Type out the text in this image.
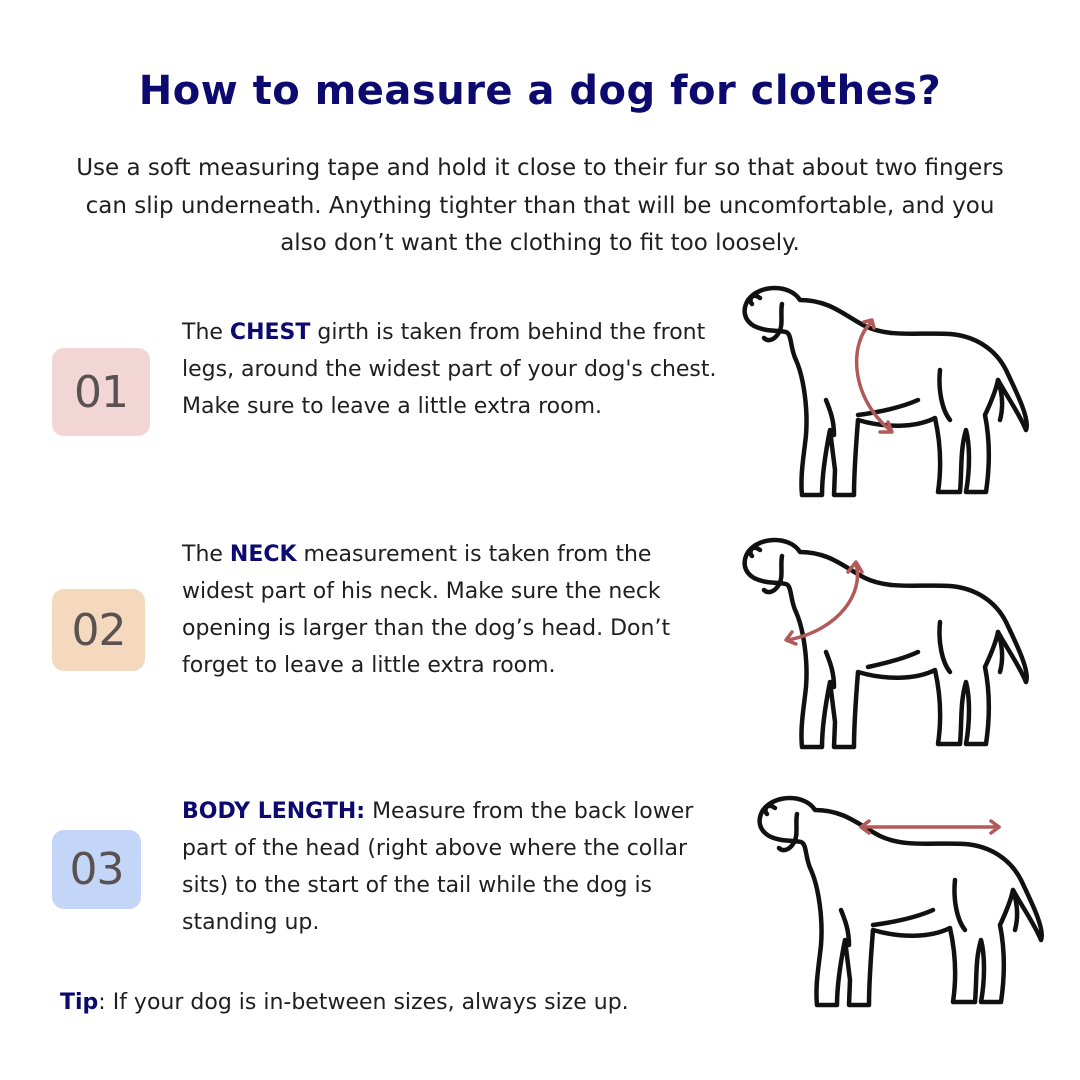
How to measure a dog for clothes?

Use a soft measuring tape and hold it close to their fur so that about two fingers can slip underneath. Anything tighter than that will be uncomfortable, and you also don’t want the clothing to fit too loosely.

01

The CHEST girth is taken from behind the front legs, around the widest part of your dog's chest. Make sure to leave a little extra room.

02

The NECK measurement is taken from the widest part of his neck. Make sure the neck opening is larger than the dog’s head. Don’t forget to leave a little extra room.

03

BODY LENGTH: Measure from the back lower part of the head (right above where the collar sits) to the start of the tail while the dog is standing up.

Tip: If your dog is in-between sizes, always size up.
